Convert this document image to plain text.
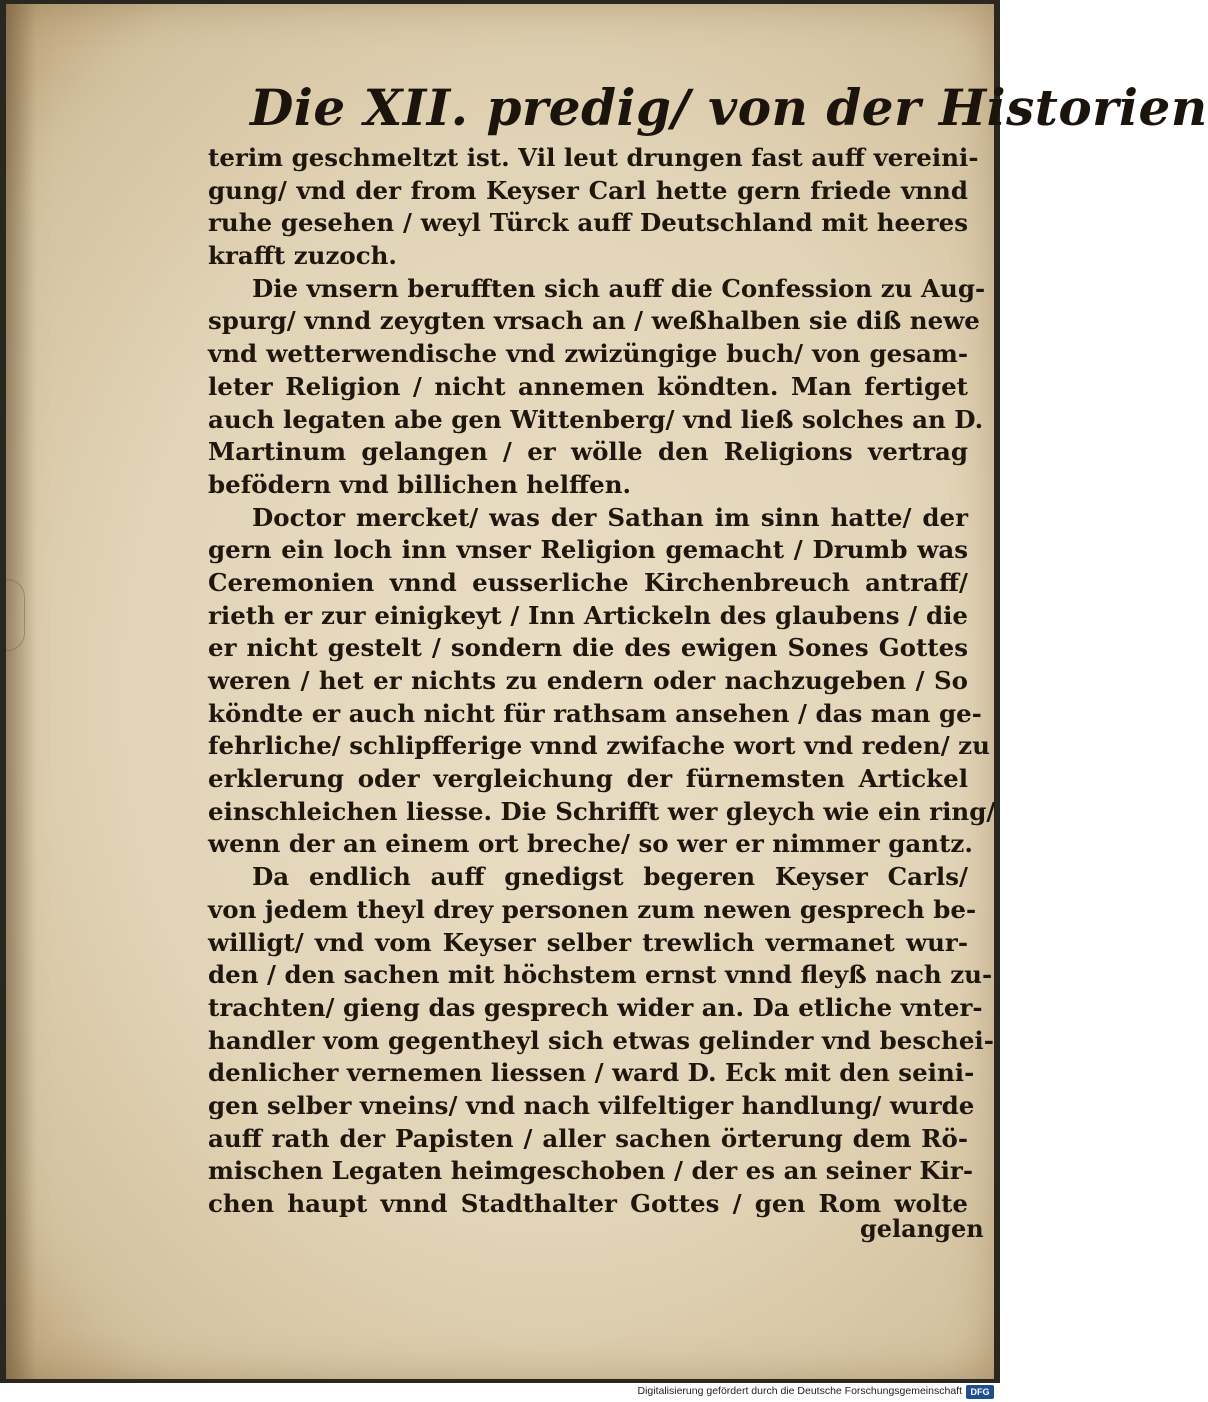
Die XII. predig/ von der Historien
terim geschmeltzt ist. Vil leut drungen fast auff vereini-
gung/ vnd der from Keyser Carl hette gern friede vnnd
ruhe gesehen / weyl Türck auff Deutschland mit heeres
krafft zuzoch.
Die vnsern berufften sich auff die Confession zu Aug-
spurg/ vnnd zeygten vrsach an / weßhalben sie diß newe
vnd wetterwendische vnd zwizüngige buch/ von gesam-
leter Religion / nicht annemen köndten. Man fertiget
auch legaten abe gen Wittenberg/ vnd ließ solches an D.
Martinum gelangen / er wölle den Religions vertrag
befödern vnd billichen helffen.
Doctor mercket/ was der Sathan im sinn hatte/ der
gern ein loch inn vnser Religion gemacht / Drumb was
Ceremonien vnnd eusserliche Kirchenbreuch antraff/
rieth er zur einigkeyt / Inn Artickeln des glaubens / die
er nicht gestelt / sondern die des ewigen Sones Gottes
weren / het er nichts zu endern oder nachzugeben / So
köndte er auch nicht für rathsam ansehen / das man ge-
fehrliche/ schlipfferige vnnd zwifache wort vnd reden/ zu
erklerung oder vergleichung der fürnemsten Artickel
einschleichen liesse. Die Schrifft wer gleych wie ein ring/
wenn der an einem ort breche/ so wer er nimmer gantz.
Da endlich auff gnedigst begeren Keyser Carls/
von jedem theyl drey personen zum newen gesprech be-
willigt/ vnd vom Keyser selber trewlich vermanet wur-
den / den sachen mit höchstem ernst vnnd fleyß nach zu-
trachten/ gieng das gesprech wider an. Da etliche vnter-
handler vom gegentheyl sich etwas gelinder vnd beschei-
denlicher vernemen liessen / ward D. Eck mit den seini-
gen selber vneins/ vnd nach vilfeltiger handlung/ wurde
auff rath der Papisten / aller sachen örterung dem Rö-
mischen Legaten heimgeschoben / der es an seiner Kir-
chen haupt vnnd Stadthalter Gottes / gen Rom wolte
gelangen
Digitalisierung gefördert durch die Deutsche Forschungsgemeinschaft DFG
